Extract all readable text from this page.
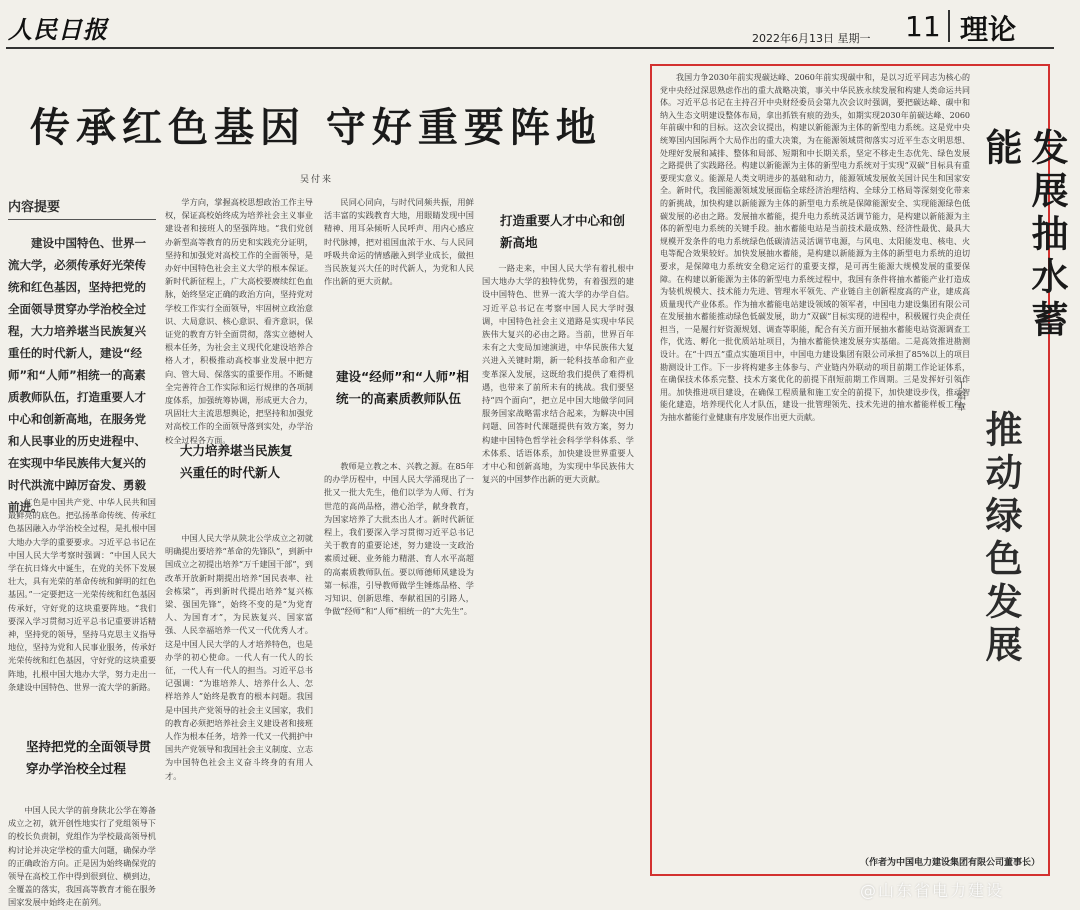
人民日报	2022年6月13日 星期一 11 理论
传承红色基因 守好重要阵地
吴付来
内容提要
建设中国特色、世界一流大学，必须传承好光荣传统和红色基因，坚持把党的全面领导贯穿办学治校全过程，大力培养堪当民族复兴重任的时代新人，建设“经师”和“人师”相统一的高素质教师队伍，打造重要人才中心和创新高地，在服务党和人民事业的历史进程中、在实现中华民族伟大复兴的时代洪流中踔厉奋发、勇毅前进。

红色是中国共产党、中华人民共和国最鲜亮的底色。把弘扬革命传统、传承红色基因融入办学治校全过程，是扎根中国大地办大学的重要要求。习近平总书记在中国人民大学考察时强调：“中国人民大学在抗日烽火中诞生，在党的关怀下发展壮大，具有光荣的革命传统和鲜明的红色基因。”一定要把这一光荣传统和红色基因传承好，守好党的这块重要阵地。“我们要深入学习贯彻习近平总书记重要讲话精神，坚持党的领导，坚持马克思主义指导地位，坚持为党和人民事业服务，传承好光荣传统和红色基因，守好党的这块重要阵地，扎根中国大地办大学，努力走出一条建设中国特色、世界一流大学的新路。

坚持把党的全面领导贯穿办学治校全过程

中国人民大学的前身陕北公学在筹备成立之初，就开创性地实行了党组领导下的校长负责制，党组作为学校最高领导机构讨论并决定学校的重大问题，确保办学的正确政治方向。正是因为始终确保党的领导在高校工作中得到很到位、横到边，全覆盖的落实，我国高等教育才能在服务国家发展中始终走在前列。

学方向，掌握高校思想政治工作主导权，保证高校始终成为培养社会主义事业建设者和接班人的坚强阵地。“我们党创办新型高等教育的历史和实践充分证明，坚持和加强党对高校工作的全面领导，是办好中国特色社会主义大学的根本保证。新时代新征程上，广大高校要赓续红色血脉，始终坚定正确的政治方向，坚持党对学校工作实行全面领导，牢固树立政治意识、大局意识、核心意识、看齐意识，保证党的教育方针全面贯彻，落实立德树人根本任务，为社会主义现代化建设培养合格人才，积极推动高校事业发展中把方向、管大局、保落实的重要作用。不断健全完善符合工作实际和运行规律的各项制度体系，加强统筹协调，形成更大合力，巩固壮大主流思想舆论，把坚持和加强党对高校工作的全面领导落到实处，办学治校全过程各方面。

大力培养堪当民族复兴重任的时代新人

中国人民大学从陕北公学成立之初就明确提出要培养“革命的先锋队”，到新中国成立之初提出培养“万千建国干部”，到改革开放新时期提出培养“国民表率、社会栋梁”，再到新时代提出培养“复兴栋梁、强国先锋”，始终不变的是“为党育人、为国育才”，为民族复兴、国家富强、人民幸福培养一代又一代优秀人才。这是中国人民大学的人才培养特色，也是办学的初心使命。一代人有一代人的长征，一代人有一代人的担当。习近平总书记强调：“为谁培养人、培养什么人、怎样培养人”始终是教育的根本问题。我国是中国共产党领导的社会主义国家，我们的教育必须把培养社会主义建设者和接班人作为根本任务，培养一代又一代拥护中国共产党领导和我国社会主义制度、立志为中国特色社会主义奋斗终身的有用人才。

民同心同向，与时代同频共振，用鲜活丰富的实践教育大地，用眼睛发现中国精神、用耳朵倾听人民呼声、用内心感应时代脉搏，把对祖国血浓于水、与人民同呼吸共命运的情感融入到学业成长，做担当民族复兴大任的时代新人，为党和人民作出新的更大贡献。

建设“经师”和“人师”相统一的高素质教师队伍

教师是立教之本、兴教之源。在85年的办学历程中，中国人民大学涌现出了一批又一批大先生，他们以学为人师、行为世范的高尚品格，潜心治学，献身教育，为国家培养了大批杰出人才。新时代新征程上，我们要深入学习贯彻习近平总书记关于教育的重要论述，努力建设一支政治素质过硬、业务能力精湛、育人水平高超的高素质教师队伍。要以师德师风建设为第一标准，引导教师做学生锤炼品格、学习知识、创新思维、奉献祖国的引路人，争做“经师”和“人师”相统一的“大先生”。

打造重要人才中心和创新高地

一路走来，中国人民大学有着扎根中国大地办大学的独特优势，有着强烈的建设中国特色、世界一流大学的办学自信。习近平总书记在考察中国人民大学时强调，中国特色社会主义道路是实现中华民族伟大复兴的必由之路。当前，世界百年未有之大变局加速演进，中华民族伟大复兴进入关键时期，新一轮科技革命和产业变革深入发展，这既给我们提供了难得机遇，也带来了前所未有的挑战。我们要坚持“四个面向”，把立足中国大地做学问同服务国家战略需求结合起来，为解决中国问题、回答时代课题提供有效方案，努力构建中国特色哲学社会科学学科体系、学术体系、话语体系，加快建设世界重要人才中心和创新高地，为实现中华民族伟大复兴的中国梦作出新的更大贡献。

我国力争2030年前实现碳达峰、2060年前实现碳中和，是以习近平同志为核心的党中央经过深思熟虑作出的重大战略决策，事关中华民族永续发展和构建人类命运共同体。习近平总书记在主持召开中央财经委员会第九次会议时强调，要把碳达峰、碳中和纳入生态文明建设整体布局，拿出抓铁有痕的劲头，如期实现2030年前碳达峰、2060年前碳中和的目标。这次会议提出，构建以新能源为主体的新型电力系统。这是党中央统筹国内国际两个大局作出的重大决策，为在能源领域贯彻落实习近平生态文明思想、处理好发展和减排、整体和局部、短期和中长期关系，坚定不移走生态优先、绿色发展之路提供了实践路径。构建以新能源为主体的新型电力系统对于实现“双碳”目标具有重要现实意义。能源是人类文明进步的基础和动力，能源领域发展攸关国计民生和国家安全。新时代，我国能源领域发展面临全球经济治理结构、全球分工格局等深刻变化带来的新挑战，加快构建以新能源为主体的新型电力系统是保障能源安全、实现能源绿色低碳发展的必由之路。发展抽水蓄能，提升电力系统灵活调节能力，是构建以新能源为主体的新型电力系统的关键手段。抽水蓄能电站是当前技术最成熟、经济性最优、最具大规模开发条件的电力系统绿色低碳清洁灵活调节电源，与风电、太阳能发电、核电、火电等配合效果较好。加快发展抽水蓄能，是构建以新能源为主体的新型电力系统的迫切要求，是保障电力系统安全稳定运行的重要支撑，是可再生能源大规模发展的重要保障。在构建以新能源为主体的新型电力系统过程中，我国有条件将抽水蓄能产业打造成为装机规模大、技术能力先进、管理水平领先、产业链自主创新程度高的产业，建成高质量现代产业体系。作为抽水蓄能电站建设领域的领军者，中国电力建设集团有限公司在发展抽水蓄能推动绿色低碳发展，助力“双碳”目标实现的进程中，积极履行央企责任担当，一是履行好资源规划、调查等职能，配合有关方面开展抽水蓄能电站资源调查工作，优选、孵化一批优质站址项目，为抽水蓄能快速发展夯实基础。二是高效推进勘测设计。在“十四五”重点实施项目中，中国电力建设集团有限公司承担了85%以上的项目勘测设计工作。下一步将构建多主体参与、产业链内外联动的项目前期工作论证体系，在确保技术体系完整、技术方案优化的前提下削短前期工作周期。三是发挥好引领作用。加快推进项目建设，在确保工程质量和施工安全的前提下，加快建设步伐，推动智能化建造，培养现代化人才队伍，建设一批管理领先、技术先进的抽水蓄能样板工程，为抽水蓄能行业健康有序发展作出更大贡献。

发展抽水蓄能
推动绿色发展
丁焰章
（作者为中国电力建设集团有限公司董事长）
@山东省电力建设
